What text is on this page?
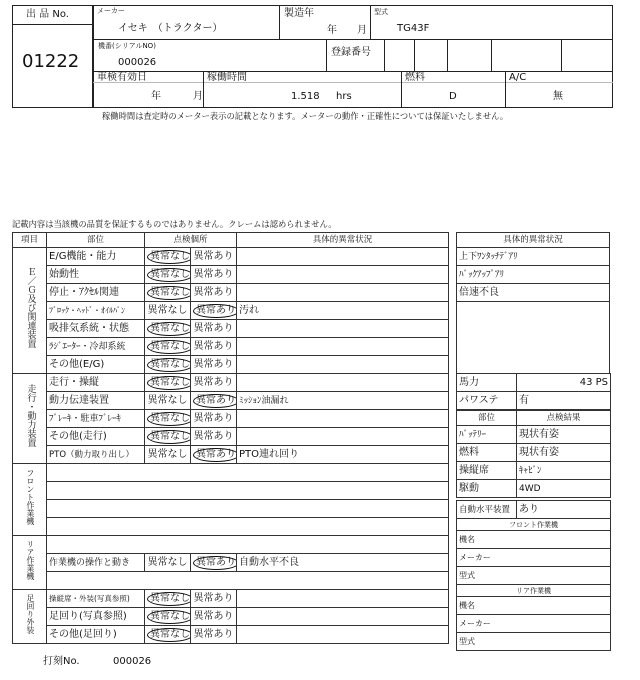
出 品 No.
01222
メーカー
イセキ　（トラクター）
製造年
年 月
型式
TG43F
機番(シリアルNO)
000026
登録番号
車検有効日
年	月
稼働時間
1.518 hrs
燃料
D
A/C
無
稼働時間は査定時のメーター表示の記載となります。メーターの動作・正確性については保証いたしません。
記載内容は当該機の品質を保証するものではありません。クレームは認められません。
項目	部位	点検個所		具体的異常状況
Ｅ／Ｇ及び関連装置	E/G機能・能力	異常なし	異常あり	
	始動性	異常なし	異常あり	
	停止・ｱｸｾﾙ関連	異常なし	異常あり	
	ﾌﾞﾛｯｸ・ﾍｯﾄﾞ・ｵｲﾙﾊﾟﾝ	異常なし	異常あり	汚れ
	吸排気系統・状態	異常なし	異常あり	
	ﾗｼﾞｴｰﾀｰ・冷却系統	異常なし	異常あり	
	その他(E/G)	異常なし	異常あり	
走行・動力装置	走行・操縦	異常なし	異常あり	
	動力伝達装置	異常なし	異常あり	ﾐｯｼｮﾝ油漏れ
	ﾌﾞﾚｰｷ・駐車ﾌﾞﾚｰｷ	異常なし	異常あり	
	その他(走行)	異常なし	異常あり	
	PTO（動力取り出し）	異常なし	異常あり	PTO連れ回り
フロント作業機				

リア作業機				
	作業機の操作と動き	異常なし	異常あり	自動水平不良

足回り外装	操縦席・外装(写真参照)	異常なし	異常あり	
	足回り(写真参照)	異常なし	異常あり	
	その他(足回り)	異常なし	異常あり	
具体的異常状況
上下ﾜﾝﾀｯﾁﾃﾞｱﾘ
ﾊﾞｯｸｱｯﾌﾟｱﾘ
倍速不良

馬力	43 PS
パワステ	有
部位	点検結果
ﾊﾞｯﾃﾘｰ	現状有姿
燃料	現状有姿
操縦席	ｷｬﾋﾞﾝ
駆動	4WD
自動水平装置	あり
フロント作業機
機名
メーカー
型式
リア作業機
機名
メーカー
型式
打刻No.	000026
